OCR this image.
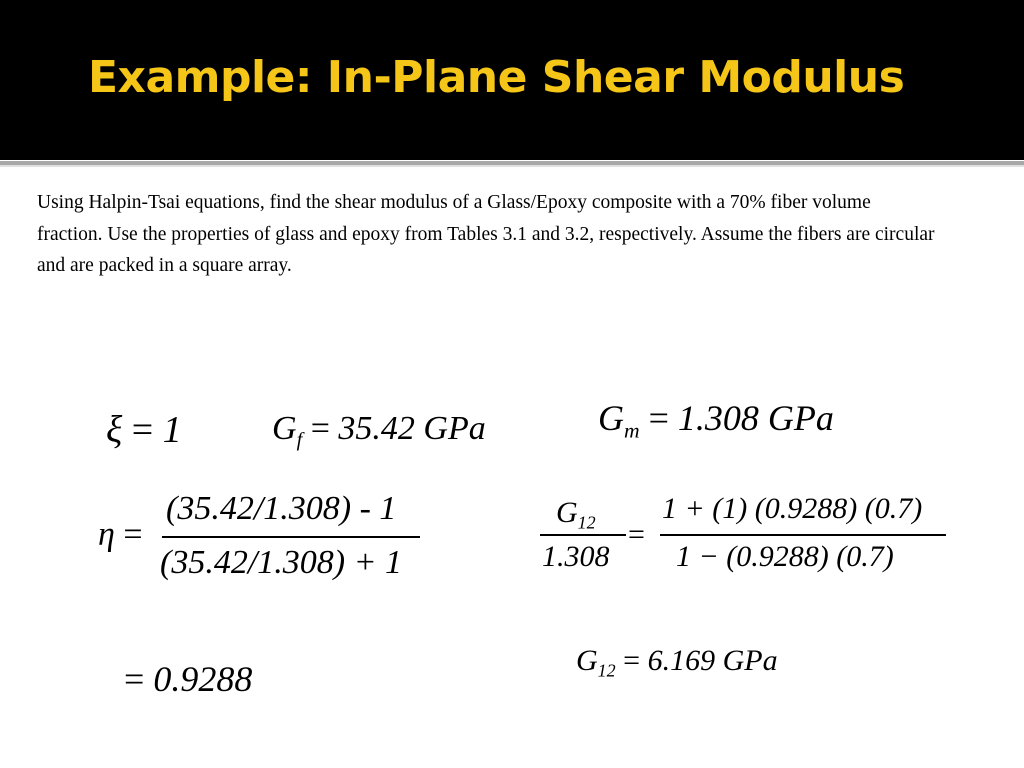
Example: In-Plane Shear Modulus

Using Halpin-Tsai equations, find the shear modulus of a Glass/Epoxy composite with a 70% fiber volume fraction. Use the properties of glass and epoxy from Tables 3.1 and 3.2, respectively. Assume the fibers are circular and are packed in a square array.

ξ = 1	$G_f = 35.42$ GPa	$G_m = 1.308$ GPa
η =
(35.42/1.308) - 1
(35.42/1.308) + 1
= 0.9288
$G_{12}$
1.308
=
1 + (1) (0.9288) (0.7)
1 − (0.9288) (0.7)
$G_{12} = 6.169$ GPa
